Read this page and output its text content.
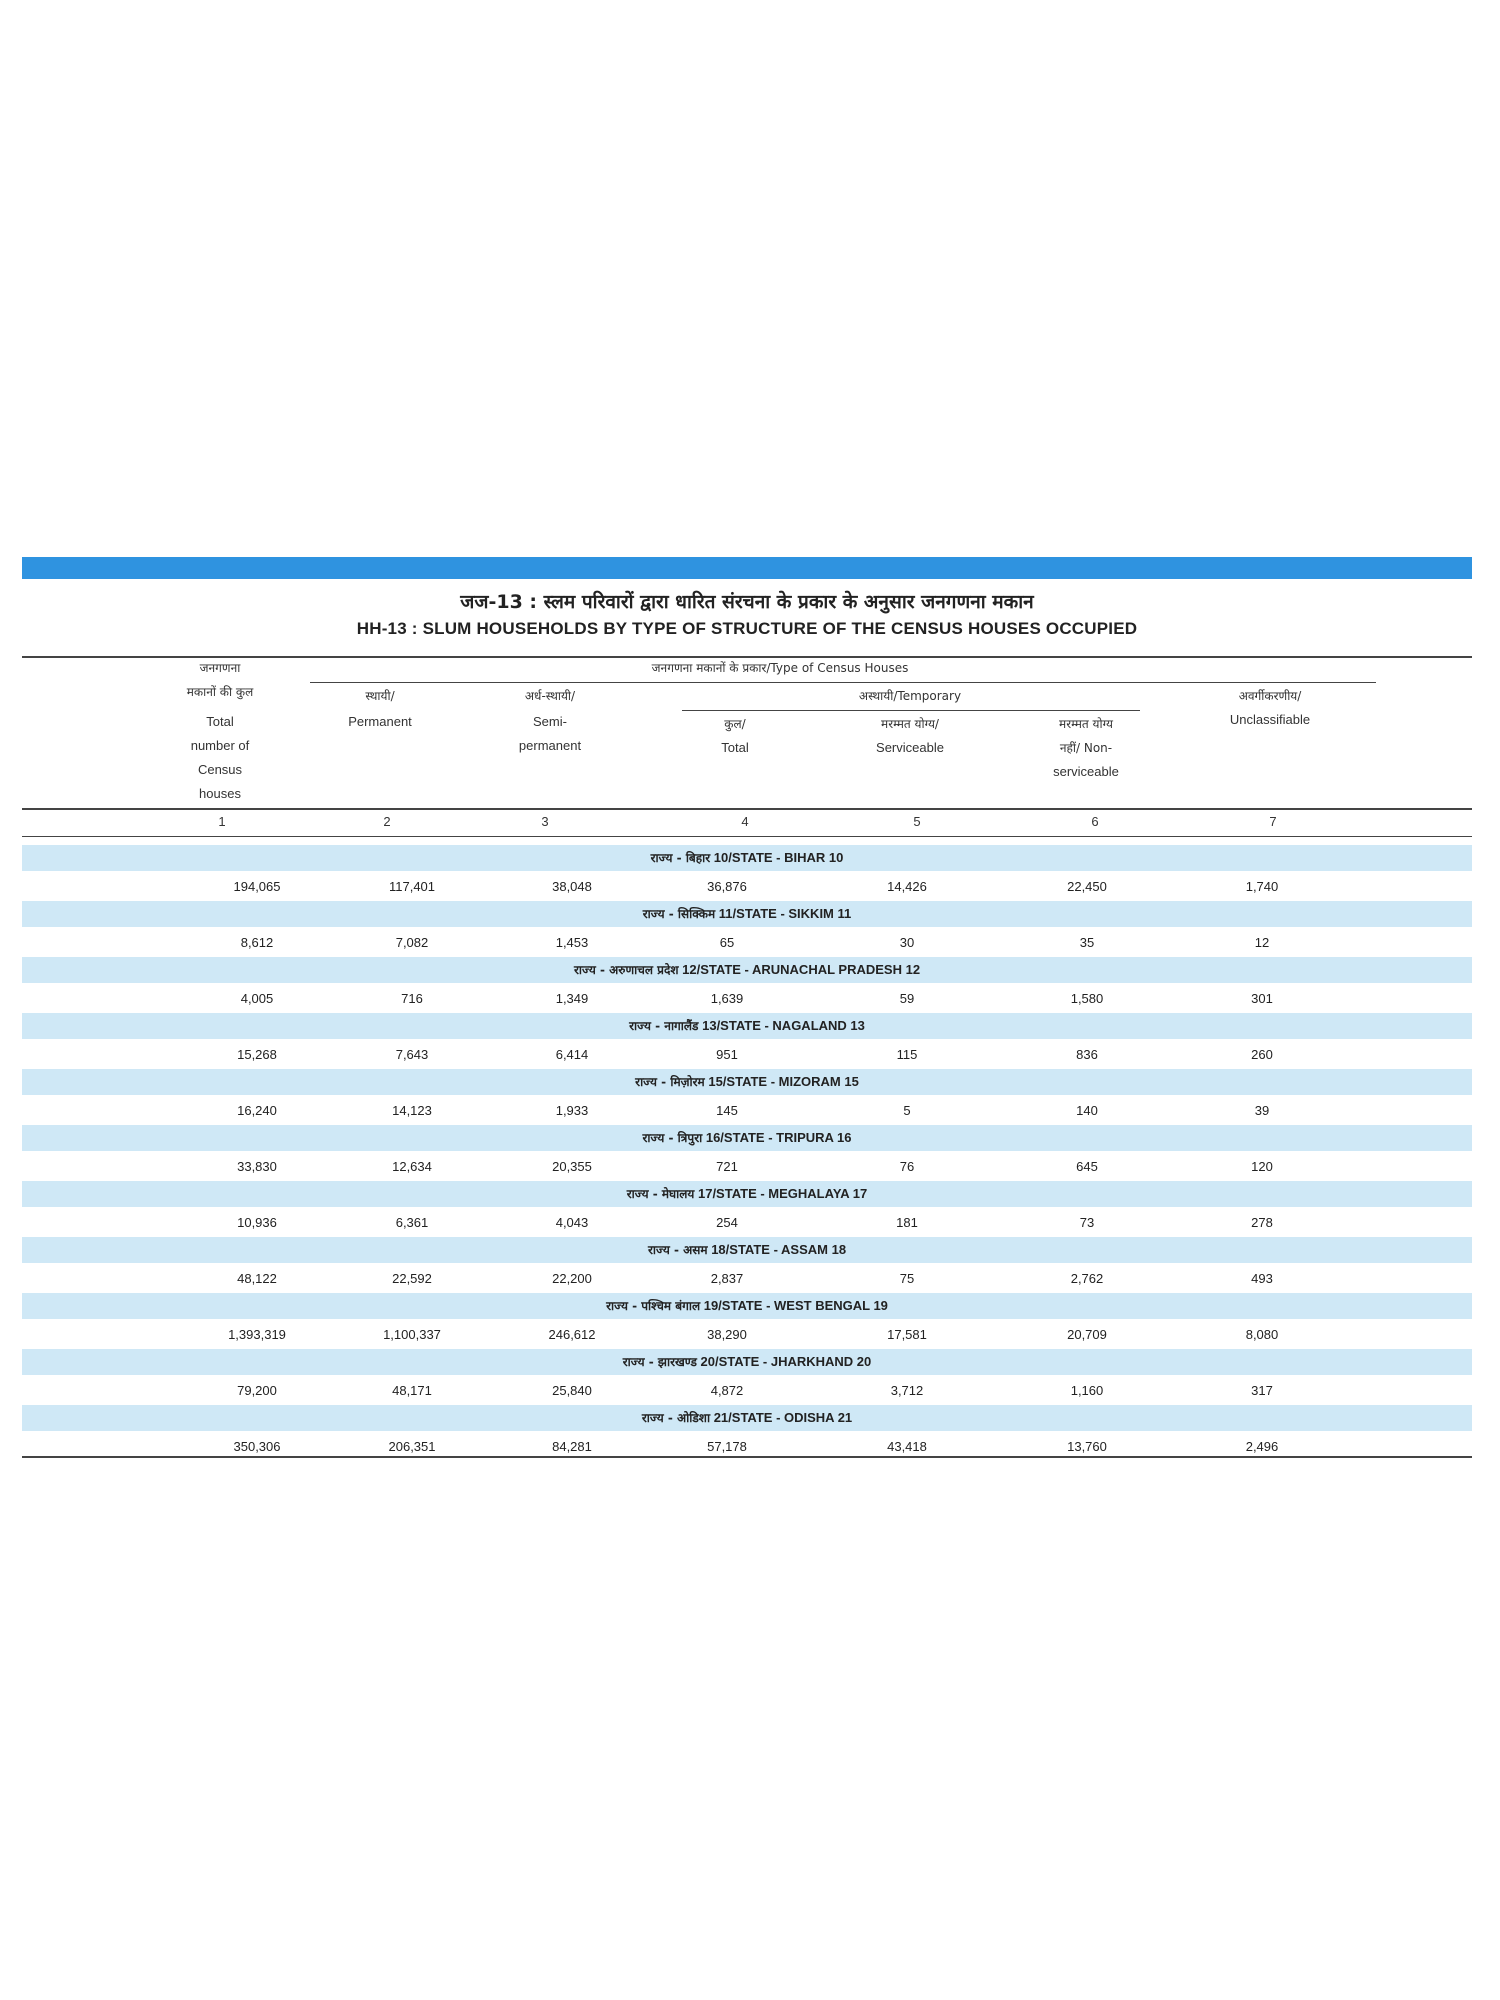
जज-13 : स्लम परिवारों द्वारा धारित संरचना के प्रकार के अनुसार जनगणना मकान
HH-13 : SLUM HOUSEHOLDS BY TYPE OF STRUCTURE OF THE CENSUS HOUSES OCCUPIED
जनगणना
मकानों की कुल
Total
number of
Census
houses
जनगणना मकानों के प्रकार/Type of Census Houses
स्थायी/
Permanent
अर्ध-स्थायी/
Semi-
permanent
अस्थायी/Temporary
कुल/
Total
मरम्मत योग्य/
Serviceable
मरम्मत योग्य
नहीं/ Non-
serviceable
अवर्गीकरणीय/
Unclassifiable
1	2	3	4	5	6	7
राज्य - बिहार 10/STATE - BIHAR 10
194,065	117,401	38,048	36,876	14,426	22,450	1,740
राज्य - सिक्किम 11/STATE - SIKKIM 11
8,612	7,082	1,453	65	30	35	12
राज्य - अरुणाचल प्रदेश 12/STATE - ARUNACHAL PRADESH 12
4,005	716	1,349	1,639	59	1,580	301
राज्य - नागालैंड 13/STATE - NAGALAND 13
15,268	7,643	6,414	951	115	836	260
राज्य - मिज़ोरम 15/STATE - MIZORAM 15
16,240	14,123	1,933	145	5	140	39
राज्य - त्रिपुरा 16/STATE - TRIPURA 16
33,830	12,634	20,355	721	76	645	120
राज्य - मेघालय 17/STATE - MEGHALAYA 17
10,936	6,361	4,043	254	181	73	278
राज्य - असम 18/STATE - ASSAM 18
48,122	22,592	22,200	2,837	75	2,762	493
राज्य - पश्चिम बंगाल 19/STATE - WEST BENGAL 19
1,393,319	1,100,337	246,612	38,290	17,581	20,709	8,080
राज्य - झारखण्ड 20/STATE - JHARKHAND 20
79,200	48,171	25,840	4,872	3,712	1,160	317
राज्य - ओडिशा 21/STATE - ODISHA 21
350,306	206,351	84,281	57,178	43,418	13,760	2,496
